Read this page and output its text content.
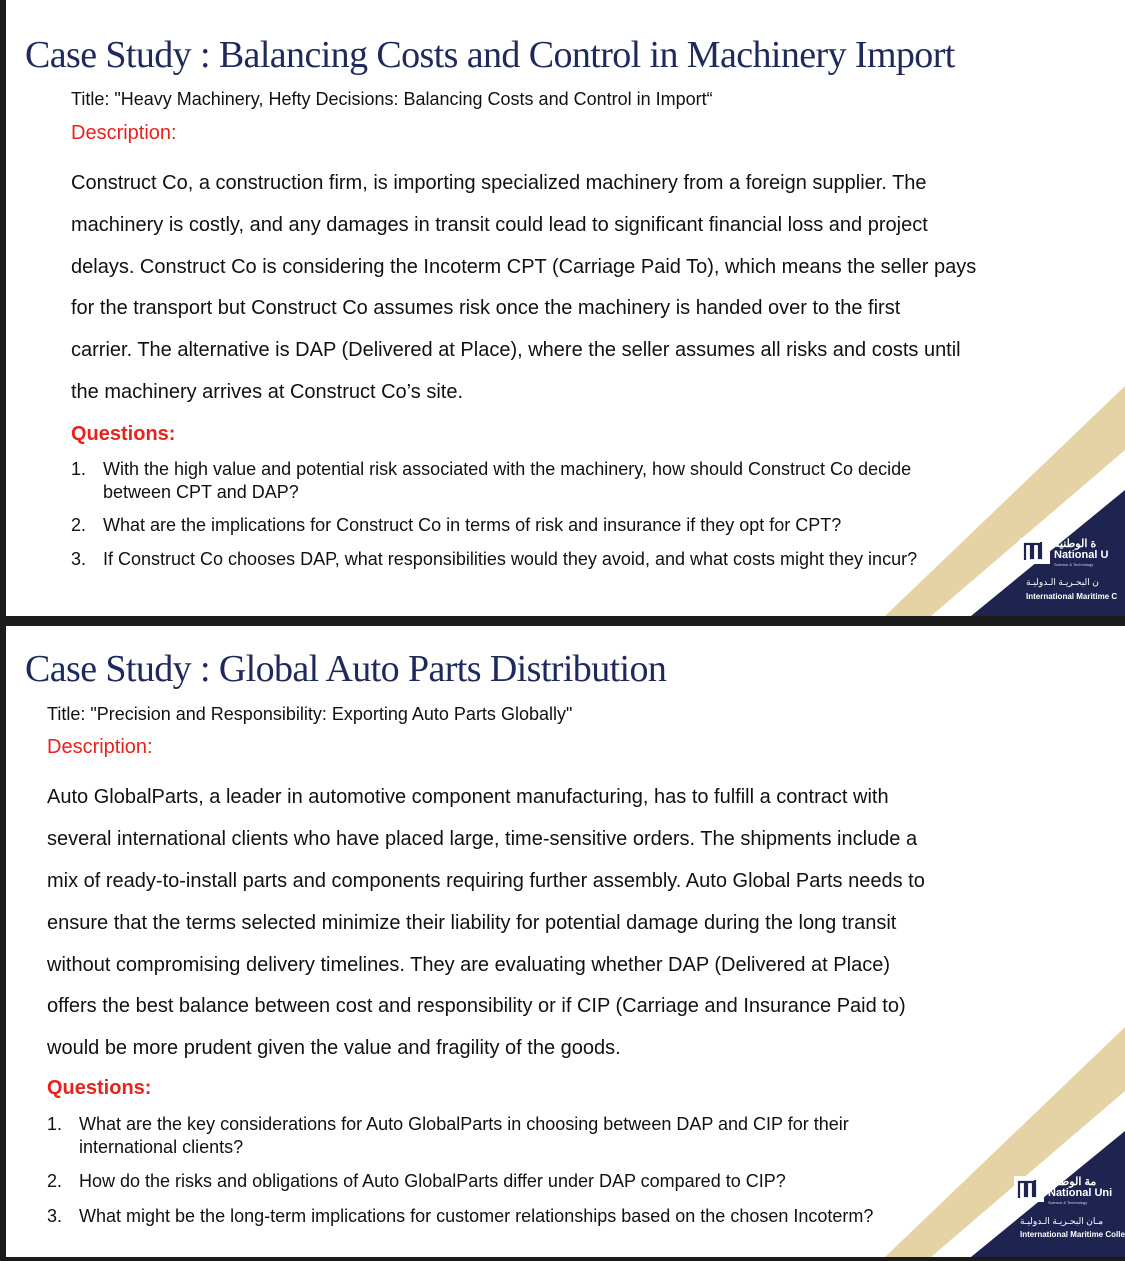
Case Study : Balancing Costs and Control in Machinery Import
Title: "Heavy Machinery, Hefty Decisions: Balancing Costs and Control in Import“
Description:
Construct Co, a construction firm, is importing specialized machinery from a foreign supplier. The
machinery is costly, and any damages in transit could lead to significant financial loss and project
delays. Construct Co is considering the Incoterm CPT (Carriage Paid To), which means the seller pays
for the transport but Construct Co assumes risk once the machinery is handed over to the first
carrier. The alternative is DAP (Delivered at Place), where the seller assumes all risks and costs until
the machinery arrives at Construct Co’s site.
Questions:
1. With the high value and potential risk associated with the machinery, how should Construct Co decide
between CPT and DAP?
2. What are the implications for Construct Co in terms of risk and insurance if they opt for CPT?
3. If Construct Co chooses DAP, what responsibilities would they avoid, and what costs might they incur?
ة الوطنية
National U
Science & Technology
ن البحـريـة الـدوليـة
International Maritime C
Case Study : Global Auto Parts Distribution
Title: "Precision and Responsibility: Exporting Auto Parts Globally"
Description:
Auto GlobalParts, a leader in automotive component manufacturing, has to fulfill a contract with
several international clients who have placed large, time-sensitive orders. The shipments include a
mix of ready-to-install parts and components requiring further assembly. Auto Global Parts needs to
ensure that the terms selected minimize their liability for potential damage during the long transit
without compromising delivery timelines. They are evaluating whether DAP (Delivered at Place)
offers the best balance between cost and responsibility or if CIP (Carriage and Insurance Paid to)
would be more prudent given the value and fragility of the goods.
Questions:
1. What are the key considerations for Auto GlobalParts in choosing between DAP and CIP for their
international clients?
2. How do the risks and obligations of Auto GlobalParts differ under DAP compared to CIP?
3. What might be the long-term implications for customer relationships based on the chosen Incoterm?
مة الوطنية
National Uni
Science & Technology
مـان البحـريـة الـدوليـة
International Maritime Colle
